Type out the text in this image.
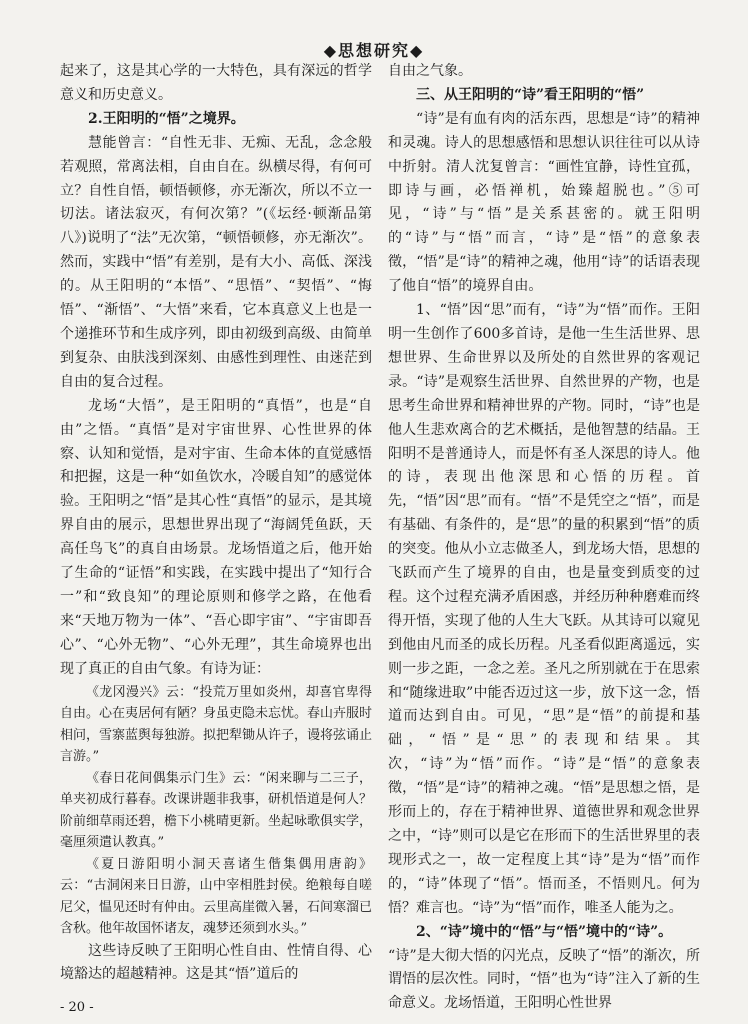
◆思想研究◆

起来了，这是其心学的一大特色，具有深远的哲学意义和历史意义。

2.王阳明的“悟”之境界。

慧能曾言：“自性无非、无痴、无乱，念念般若观照，常离法相，自由自在。纵横尽得，有何可立？自性自悟，顿悟顿修，亦无渐次，所以不立一切法。诸法寂灭，有何次第？”(《坛经·顿渐品第八》)说明了“法”无次第，“顿悟顿修，亦无渐次”。然而，实践中“悟”有差别，是有大小、高低、深浅的。从王阳明的“本悟”、“思悟”、“契悟”、“悔悟”、“渐悟”、“大悟”来看，它本真意义上也是一个递推环节和生成序列，即由初级到高级、由简单到复杂、由肤浅到深刻、由感性到理性、由迷茫到自由的复合过程。

龙场“大悟”，是王阳明的“真悟”，也是“自由”之悟。“真悟”是对宇宙世界、心性世界的体察、认知和觉悟，是对宇宙、生命本体的直觉感悟和把握，这是一种“如鱼饮水，冷暖自知”的感觉体验。王阳明之“悟”是其心性“真悟”的显示，是其境界自由的展示，思想世界出现了“海阔凭鱼跃，天高任鸟飞”的真自由场景。龙场悟道之后，他开始了生命的“证悟”和实践，在实践中提出了“知行合一”和“致良知”的理论原则和修学之路，在他看来“天地万物为一体”、“吾心即宇宙”、“宇宙即吾心”、“心外无物”、“心外无理”，其生命境界也出现了真正的自由气象。有诗为证：

《龙冈漫兴》云：“投荒万里如炎州，却喜官卑得自由。心在夷居何有陋？身虽吏隐未忘忧。春山卉服时相问，雪寨蓝舆每独游。拟把犁锄从许子，谩将弦诵止言游。”

《春日花间偶集示门生》云：“闲来聊与二三子，单夹初成行暮春。改课讲题非我事，研机悟道是何人？阶前细草雨还碧，檐下小桃晴更新。坐起咏歌俱实学，毫厘须遣认教真。”

《夏日游阳明小洞天喜诸生偕集偶用唐韵》云：“古洞闲来日日游，山中宰相胜封侯。绝粮每自嗟尼父，愠见还时有仲由。云里高崖微入暑，石间寒溜已含秋。他年故国怀诸友，魂梦还须到水头。”

这些诗反映了王阳明心性自由、性情自得、心境豁达的超越精神。这是其“悟”道后的

自由之气象。

三、从王阳明的“诗”看王阳明的“悟”

“诗”是有血有肉的活东西，思想是“诗”的精神和灵魂。诗人的思想感悟和思想认识往往可以从诗中折射。清人沈复曾言：“画性宜静，诗性宜孤，即诗与画，必悟禅机，始臻超脱也。”⑤可见，“诗”与“悟”是关系甚密的。就王阳明的“诗”与“悟”而言，“诗”是“悟”的意象表徵，“悟”是“诗”的精神之魂，他用“诗”的话语表现了他自“悟”的境界自由。

1、“悟”因“思”而有，“诗”为“悟”而作。王阳明一生创作了600多首诗，是他一生生活世界、思想世界、生命世界以及所处的自然世界的客观记录。“诗”是观察生活世界、自然世界的产物，也是思考生命世界和精神世界的产物。同时，“诗”也是他人生悲欢离合的艺术概括，是他智慧的结晶。王阳明不是普通诗人，而是怀有圣人深思的诗人。他的诗，表现出他深思和心悟的历程。首先，“悟”因“思”而有。“悟”不是凭空之“悟”，而是有基础、有条件的，是“思”的量的积累到“悟”的质的突变。他从小立志做圣人，到龙场大悟，思想的飞跃而产生了境界的自由，也是量变到质变的过程。这个过程充满矛盾困惑，并经历种种磨难而终得开悟，实现了他的人生大飞跃。从其诗可以窥见到他由凡而圣的成长历程。凡圣看似距离遥远，实则一步之距，一念之差。圣凡之所别就在于在思索和“随缘进取”中能否迈过这一步，放下这一念，悟道而达到自由。可见，“思”是“悟”的前提和基础，“悟”是“思”的表现和结果。其次，“诗”为“悟”而作。“诗”是“悟”的意象表徵，“悟”是“诗”的精神之魂。“悟”是思想之悟，是形而上的，存在于精神世界、道德世界和观念世界之中，“诗”则可以是它在形而下的生活世界里的表现形式之一，故一定程度上其“诗”是为“悟”而作的，“诗”体现了“悟”。悟而圣，不悟则凡。何为悟？难言也。“诗”为“悟”而作，唯圣人能为之。

2、“诗”境中的“悟”与“悟”境中的“诗”。

“诗”是大彻大悟的闪光点，反映了“悟”的渐次，所谓悟的层次性。同时，“悟”也为“诗”注入了新的生命意义。龙场悟道，王阳明心性世界

- 20 -
